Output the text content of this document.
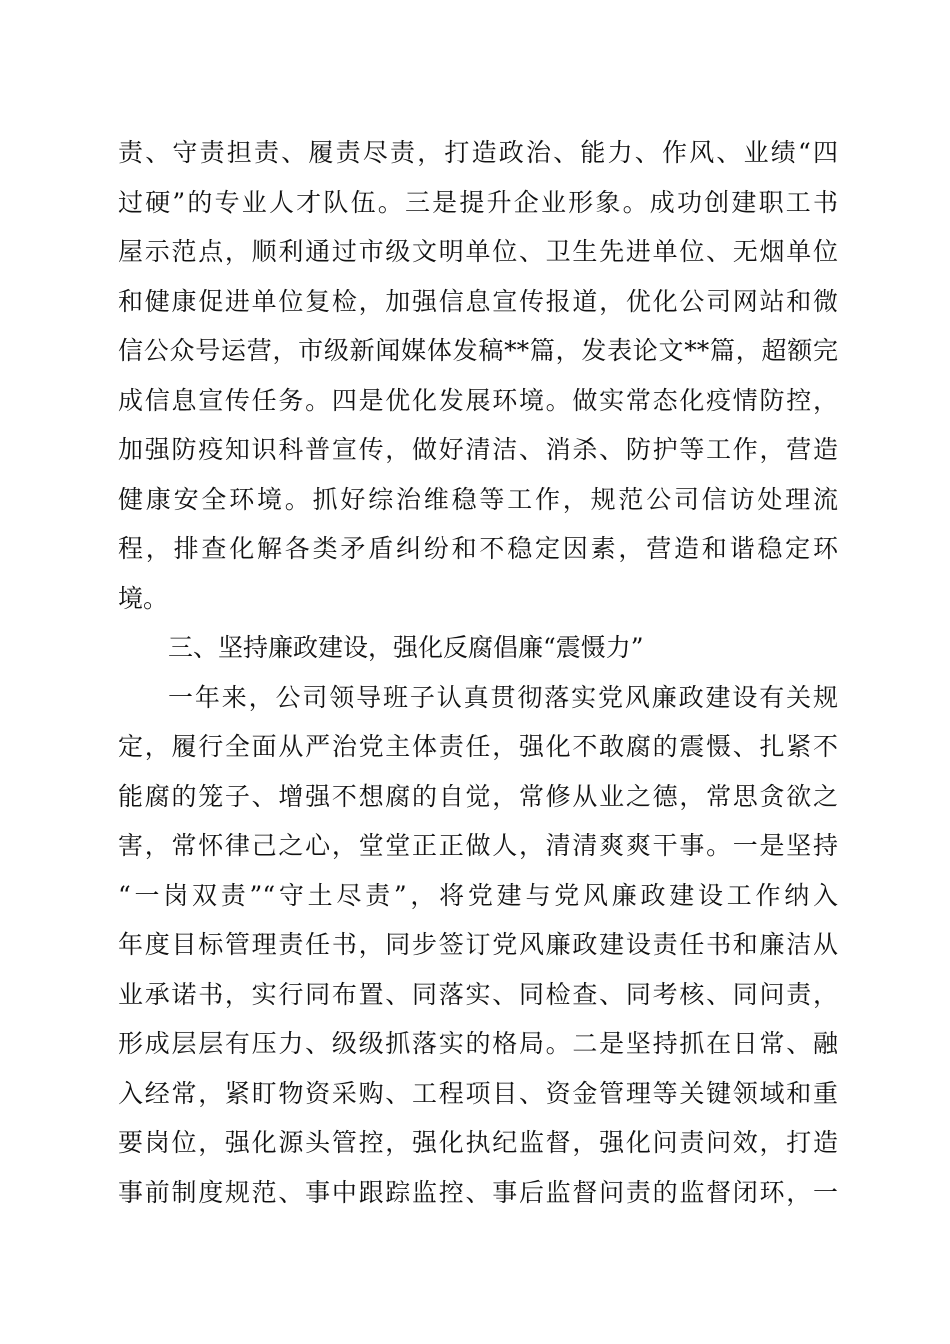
责、守责担责、履责尽责，打造政治、能力、作风、业绩“四
过硬”的专业人才队伍。三是提升企业形象。成功创建职工书
屋示范点，顺利通过市级文明单位、卫生先进单位、无烟单位
和健康促进单位复检，加强信息宣传报道，优化公司网站和微
信公众号运营，市级新闻媒体发稿**篇，发表论文**篇，超额完
成信息宣传任务。四是优化发展环境。做实常态化疫情防控，
加强防疫知识科普宣传，做好清洁、消杀、防护等工作，营造
健康安全环境。抓好综治维稳等工作，规范公司信访处理流
程，排查化解各类矛盾纠纷和不稳定因素，营造和谐稳定环
境。
三、坚持廉政建设，强化反腐倡廉“震慑力”
一年来，公司领导班子认真贯彻落实党风廉政建设有关规
定，履行全面从严治党主体责任，强化不敢腐的震慑、扎紧不
能腐的笼子、增强不想腐的自觉，常修从业之德，常思贪欲之
害，常怀律己之心，堂堂正正做人，清清爽爽干事。一是坚持
“一岗双责”“守土尽责”，将党建与党风廉政建设工作纳入
年度目标管理责任书，同步签订党风廉政建设责任书和廉洁从
业承诺书，实行同布置、同落实、同检查、同考核、同问责，
形成层层有压力、级级抓落实的格局。二是坚持抓在日常、融
入经常，紧盯物资采购、工程项目、资金管理等关键领域和重
要岗位，强化源头管控，强化执纪监督，强化问责问效，打造
事前制度规范、事中跟踪监控、事后监督问责的监督闭环，一
